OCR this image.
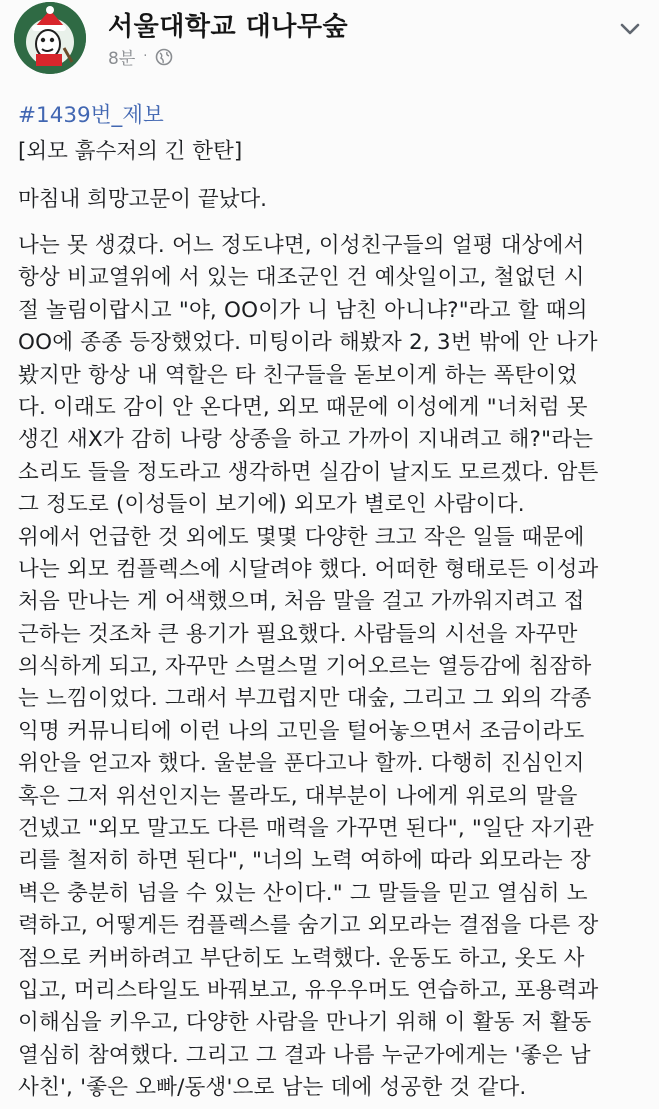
서울대학교 대나무숲
8분 ·
#1439번_제보
[외모 흙수저의 긴 한탄]
마침내 희망고문이 끝났다.
나는 못 생겼다. 어느 정도냐면, 이성친구들의 얼평 대상에서
항상 비교열위에 서 있는 대조군인 건 예삿일이고, 철없던 시
절 놀림이랍시고 "야, OO이가 니 남친 아니냐?"라고 할 때의
OO에 종종 등장했었다. 미팅이라 해봤자 2, 3번 밖에 안 나가
봤지만 항상 내 역할은 타 친구들을 돋보이게 하는 폭탄이었
다. 이래도 감이 안 온다면, 외모 때문에 이성에게 "너처럼 못
생긴 새X가 감히 나랑 상종을 하고 가까이 지내려고 해?"라는
소리도 들을 정도라고 생각하면 실감이 날지도 모르겠다. 암튼
그 정도로 (이성들이 보기에) 외모가 별로인 사람이다.
위에서 언급한 것 외에도 몇몇 다양한 크고 작은 일들 때문에
나는 외모 컴플렉스에 시달려야 했다. 어떠한 형태로든 이성과
처음 만나는 게 어색했으며, 처음 말을 걸고 가까워지려고 접
근하는 것조차 큰 용기가 필요했다. 사람들의 시선을 자꾸만
의식하게 되고, 자꾸만 스멀스멀 기어오르는 열등감에 침잠하
는 느낌이었다. 그래서 부끄럽지만 대숲, 그리고 그 외의 각종
익명 커뮤니티에 이런 나의 고민을 털어놓으면서 조금이라도
위안을 얻고자 했다. 울분을 푼다고나 할까. 다행히 진심인지
혹은 그저 위선인지는 몰라도, 대부분이 나에게 위로의 말을
건넸고 "외모 말고도 다른 매력을 가꾸면 된다", "일단 자기관
리를 철저히 하면 된다", "너의 노력 여하에 따라 외모라는 장
벽은 충분히 넘을 수 있는 산이다." 그 말들을 믿고 열심히 노
력하고, 어떻게든 컴플렉스를 숨기고 외모라는 결점을 다른 장
점으로 커버하려고 부단히도 노력했다. 운동도 하고, 옷도 사
입고, 머리스타일도 바꿔보고, 유우우머도 연습하고, 포용력과
이해심을 키우고, 다양한 사람을 만나기 위해 이 활동 저 활동
열심히 참여했다. 그리고 그 결과 나름 누군가에게는 '좋은 남
사친', '좋은 오빠/동생'으로 남는 데에 성공한 것 같다.
